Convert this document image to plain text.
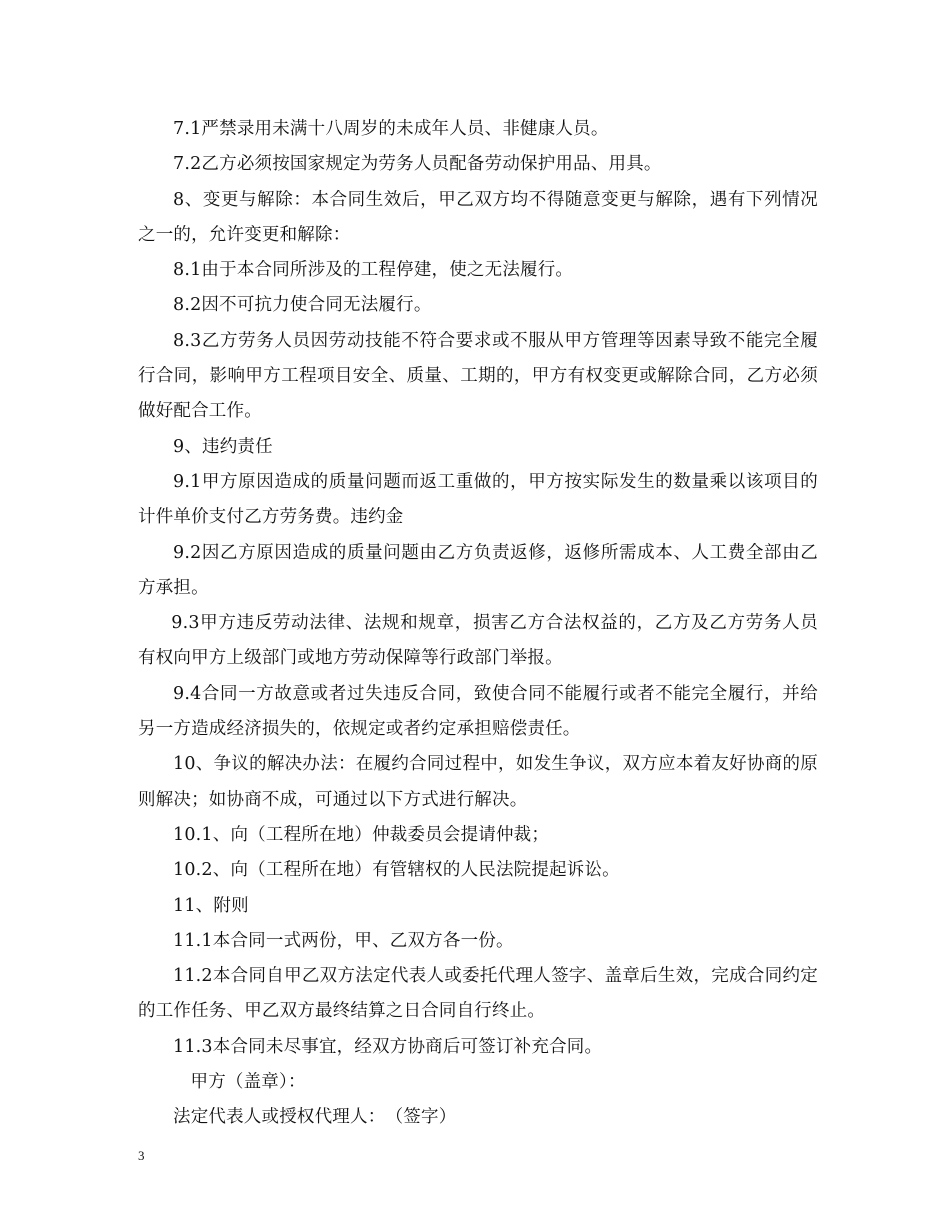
7.1严禁录用未满十八周岁的未成年人员、非健康人员。

7.2乙方必须按国家规定为劳务人员配备劳动保护用品、用具。

8、变更与解除：本合同生效后，甲乙双方均不得随意变更与解除，遇有下列情况之一的，允许变更和解除：

8.1由于本合同所涉及的工程停建，使之无法履行。

8.2因不可抗力使合同无法履行。

8.3乙方劳务人员因劳动技能不符合要求或不服从甲方管理等因素导致不能完全履行合同，影响甲方工程项目安全、质量、工期的，甲方有权变更或解除合同，乙方必须做好配合工作。

9、违约责任

9.1甲方原因造成的质量问题而返工重做的，甲方按实际发生的数量乘以该项目的计件单价支付乙方劳务费。违约金

9.2因乙方原因造成的质量问题由乙方负责返修，返修所需成本、人工费全部由乙方承担。

9.3甲方违反劳动法律、法规和规章，损害乙方合法权益的，乙方及乙方劳务人员有权向甲方上级部门或地方劳动保障等行政部门举报。

9.4合同一方故意或者过失违反合同，致使合同不能履行或者不能完全履行，并给另一方造成经济损失的，依规定或者约定承担赔偿责任。

10、争议的解决办法：在履约合同过程中，如发生争议，双方应本着友好协商的原则解决；如协商不成，可通过以下方式进行解决。

10.1、向（工程所在地）仲裁委员会提请仲裁；

10.2、向（工程所在地）有管辖权的人民法院提起诉讼。

11、附则

11.1本合同一式两份，甲、乙双方各一份。

11.2本合同自甲乙双方法定代表人或委托代理人签字、盖章后生效，完成合同约定的工作任务、甲乙双方最终结算之日合同自行终止。

11.3本合同未尽事宜，经双方协商后可签订补充合同。

甲方（盖章）：

法定代表人或授权代理人：　（签字）

3
